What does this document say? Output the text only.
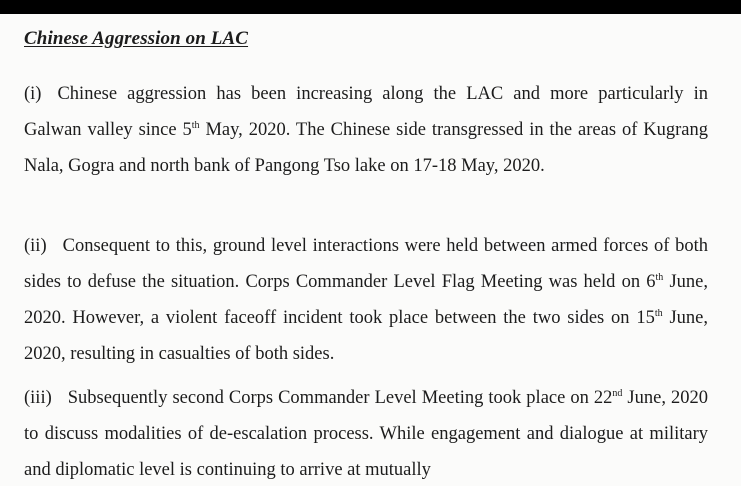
Chinese Aggression on LAC

(i) Chinese aggression has been increasing along the LAC and more particularly in Galwan valley since 5th May, 2020. The Chinese side transgressed in the areas of Kugrang Nala, Gogra and north bank of Pangong Tso lake on 17-18 May, 2020.

(ii) Consequent to this, ground level interactions were held between armed forces of both sides to defuse the situation. Corps Commander Level Flag Meeting was held on 6th June, 2020. However, a violent faceoff incident took place between the two sides on 15th June, 2020, resulting in casualties of both sides.

(iii) Subsequently second Corps Commander Level Meeting took place on 22nd June, 2020 to discuss modalities of de-escalation process. While engagement and dialogue at military and diplomatic level is continuing to arrive at mutually
